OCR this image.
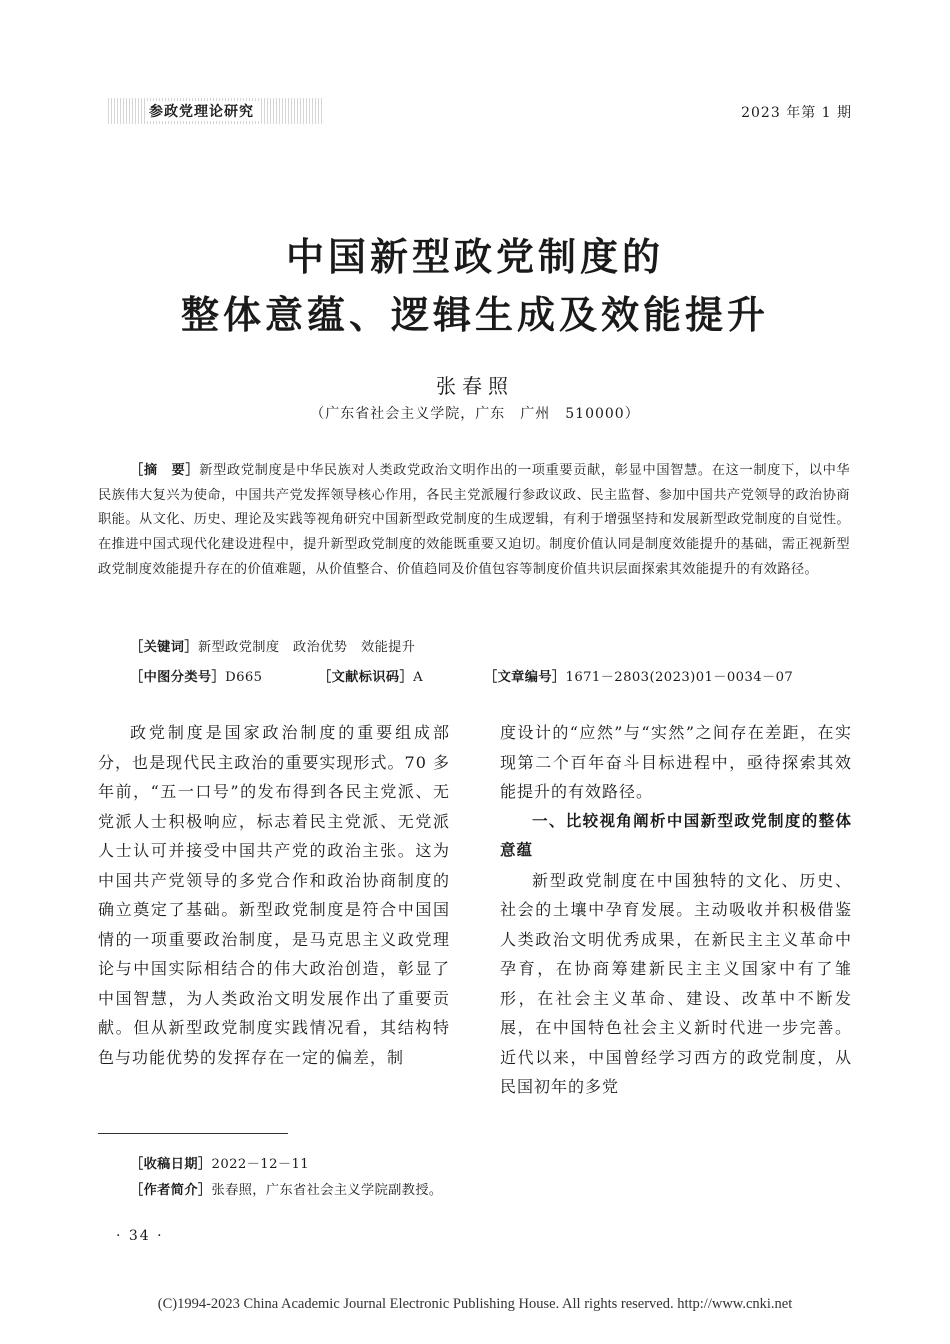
参政党理论研究	2023 年第 1 期
中国新型政党制度的
整体意蕴、逻辑生成及效能提升
张春照
（广东省社会主义学院，广东　广州　510000）
［摘　要］新型政党制度是中华民族对人类政党政治文明作出的一项重要贡献，彰显中国智慧。在这一制度下，以中华民族伟大复兴为使命，中国共产党发挥领导核心作用，各民主党派履行参政议政、民主监督、参加中国共产党领导的政治协商职能。从文化、历史、理论及实践等视角研究中国新型政党制度的生成逻辑，有利于增强坚持和发展新型政党制度的自觉性。在推进中国式现代化建设进程中，提升新型政党制度的效能既重要又迫切。制度价值认同是制度效能提升的基础，需正视新型政党制度效能提升存在的价值难题，从价值整合、价值趋同及价值包容等制度价值共识层面探索其效能提升的有效路径。
［关键词］新型政党制度　政治优势　效能提升
［中图分类号］D665	［文献标识码］A	［文章编号］1671－2803(2023)01－0034－07

政党制度是国家政治制度的重要组成部分，也是现代民主政治的重要实现形式。70 多年前，“五一口号”的发布得到各民主党派、无党派人士积极响应，标志着民主党派、无党派人士认可并接受中国共产党的政治主张。这为中国共产党领导的多党合作和政治协商制度的确立奠定了基础。新型政党制度是符合中国国情的一项重要政治制度，是马克思主义政党理论与中国实际相结合的伟大政治创造，彰显了中国智慧，为人类政治文明发展作出了重要贡献。但从新型政党制度实践情况看，其结构特色与功能优势的发挥存在一定的偏差，制

度设计的“应然”与“实然”之间存在差距，在实现第二个百年奋斗目标进程中，亟待探索其效能提升的有效路径。

一、比较视角阐析中国新型政党制度的整体意蕴

新型政党制度在中国独特的文化、历史、社会的土壤中孕育发展。主动吸收并积极借鉴人类政治文明优秀成果，在新民主主义革命中孕育，在协商筹建新民主主义国家中有了雏形，在社会主义革命、建设、改革中不断发展，在中国特色社会主义新时代进一步完善。近代以来，中国曾经学习西方的政党制度，从民国初年的多党

［收稿日期］2022－12－11
［作者简介］张春照，广东省社会主义学院副教授。
· 34 ·
(C)1994-2023 China Academic Journal Electronic Publishing House. All rights reserved. http://www.cnki.net
